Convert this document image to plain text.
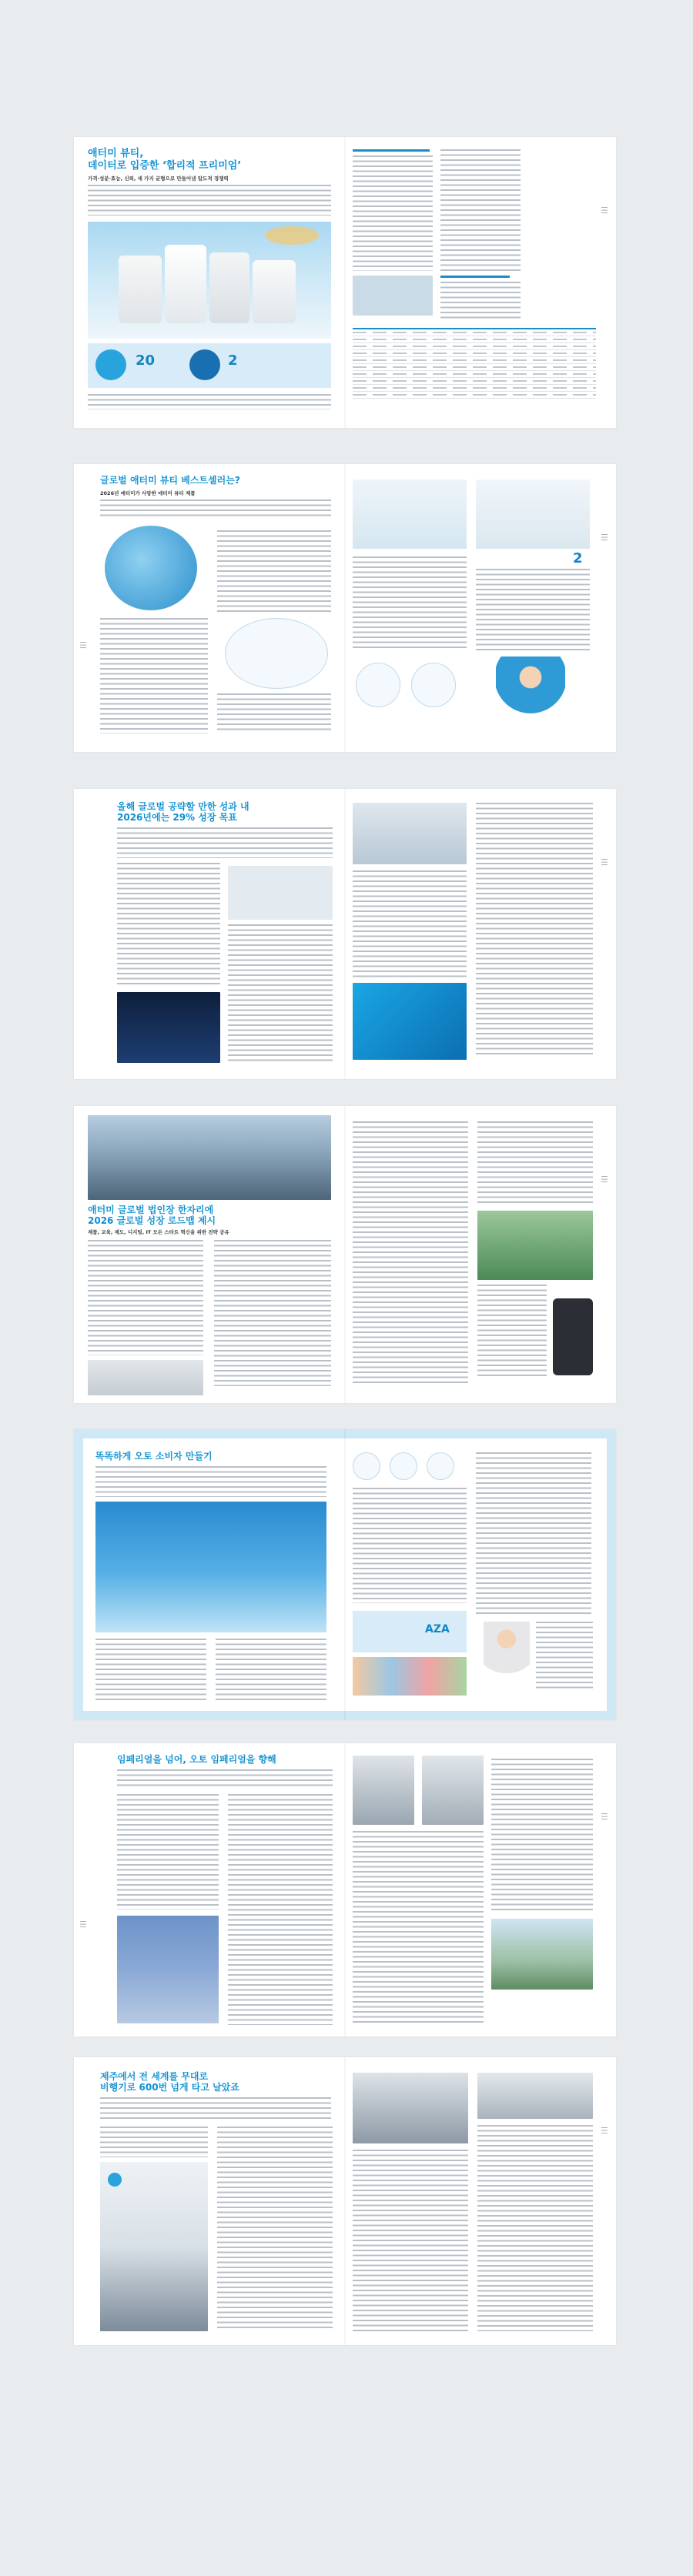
애터미 뷰티,
데이터로 입증한 ‘합리적 프리미엄’
가격·성분·효능, 신뢰, 세 가지 균형으로 만들어낸 압도적 경쟁력
20	2
|||
글로벌 애터미 뷰티 베스트셀러는?
2026년 애터미가 사랑한 애터미 뷰티 제품
|||
2
|||
올해 글로벌 공략할 만한 성과 내
2026년에는 29% 성장 목표
|||
애터미 글로벌 법인장 한자리에
2026 글로벌 성장 로드맵 제시
제품, 교육, 제도, 디지털, IT 모든 스타트 혁신을 위한 전략 공유
|||
똑똑하게 오토 소비자 만들기
AZA
임페리얼을 넘어, 오토 임페리얼을 향해
|||
|||
제주에서 전 세계를 무대로
비행기로 600번 넘게 타고 날았죠
|||
